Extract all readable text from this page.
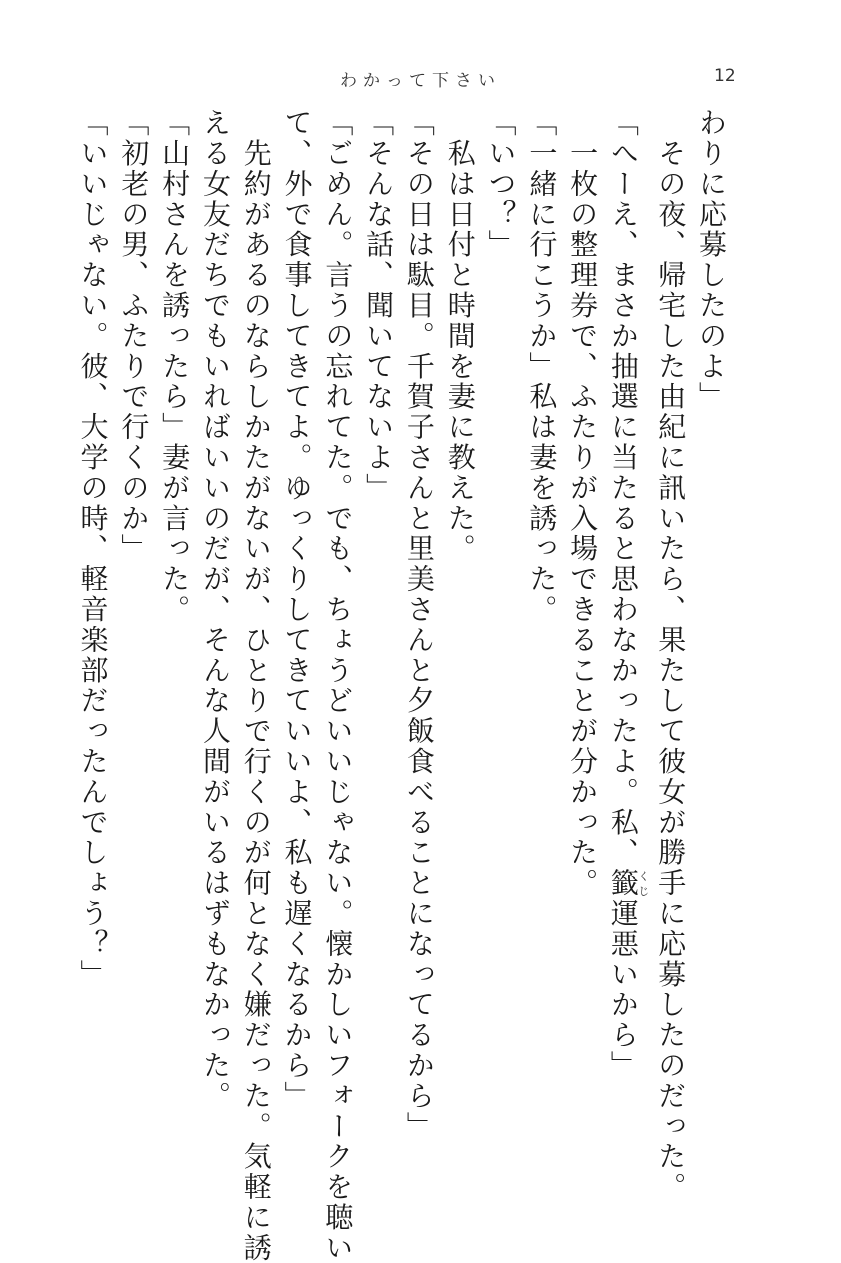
わかって下さい	12
わりに応募したのよ」
　その夜、帰宅した由紀に訊いたら、果たして彼女が勝手に応募したのだった。
「へーえ、まさか抽選に当たると思わなかったよ。私、籤くじ運悪いから」
　一枚の整理券で、ふたりが入場できることが分かった。
「一緒に行こうか」私は妻を誘った。
「いつ？」
　私は日付と時間を妻に教えた。
「その日は駄目。千賀子さんと里美さんと夕飯食べることになってるから」
「そんな話、聞いてないよ」
「ごめん。言うの忘れてた。でも、ちょうどいいじゃない。懐かしいフォークを聴い
て、外で食事してきてよ。ゆっくりしてきていいよ、私も遅くなるから」
　先約があるのならしかたがないが、ひとりで行くのが何となく嫌だった。気軽に誘
える女友だちでもいればいいのだが、そんな人間がいるはずもなかった。
「山村さんを誘ったら」妻が言った。
「初老の男、ふたりで行くのか」
「いいじゃない。彼、大学の時、軽音楽部だったんでしょう？」
